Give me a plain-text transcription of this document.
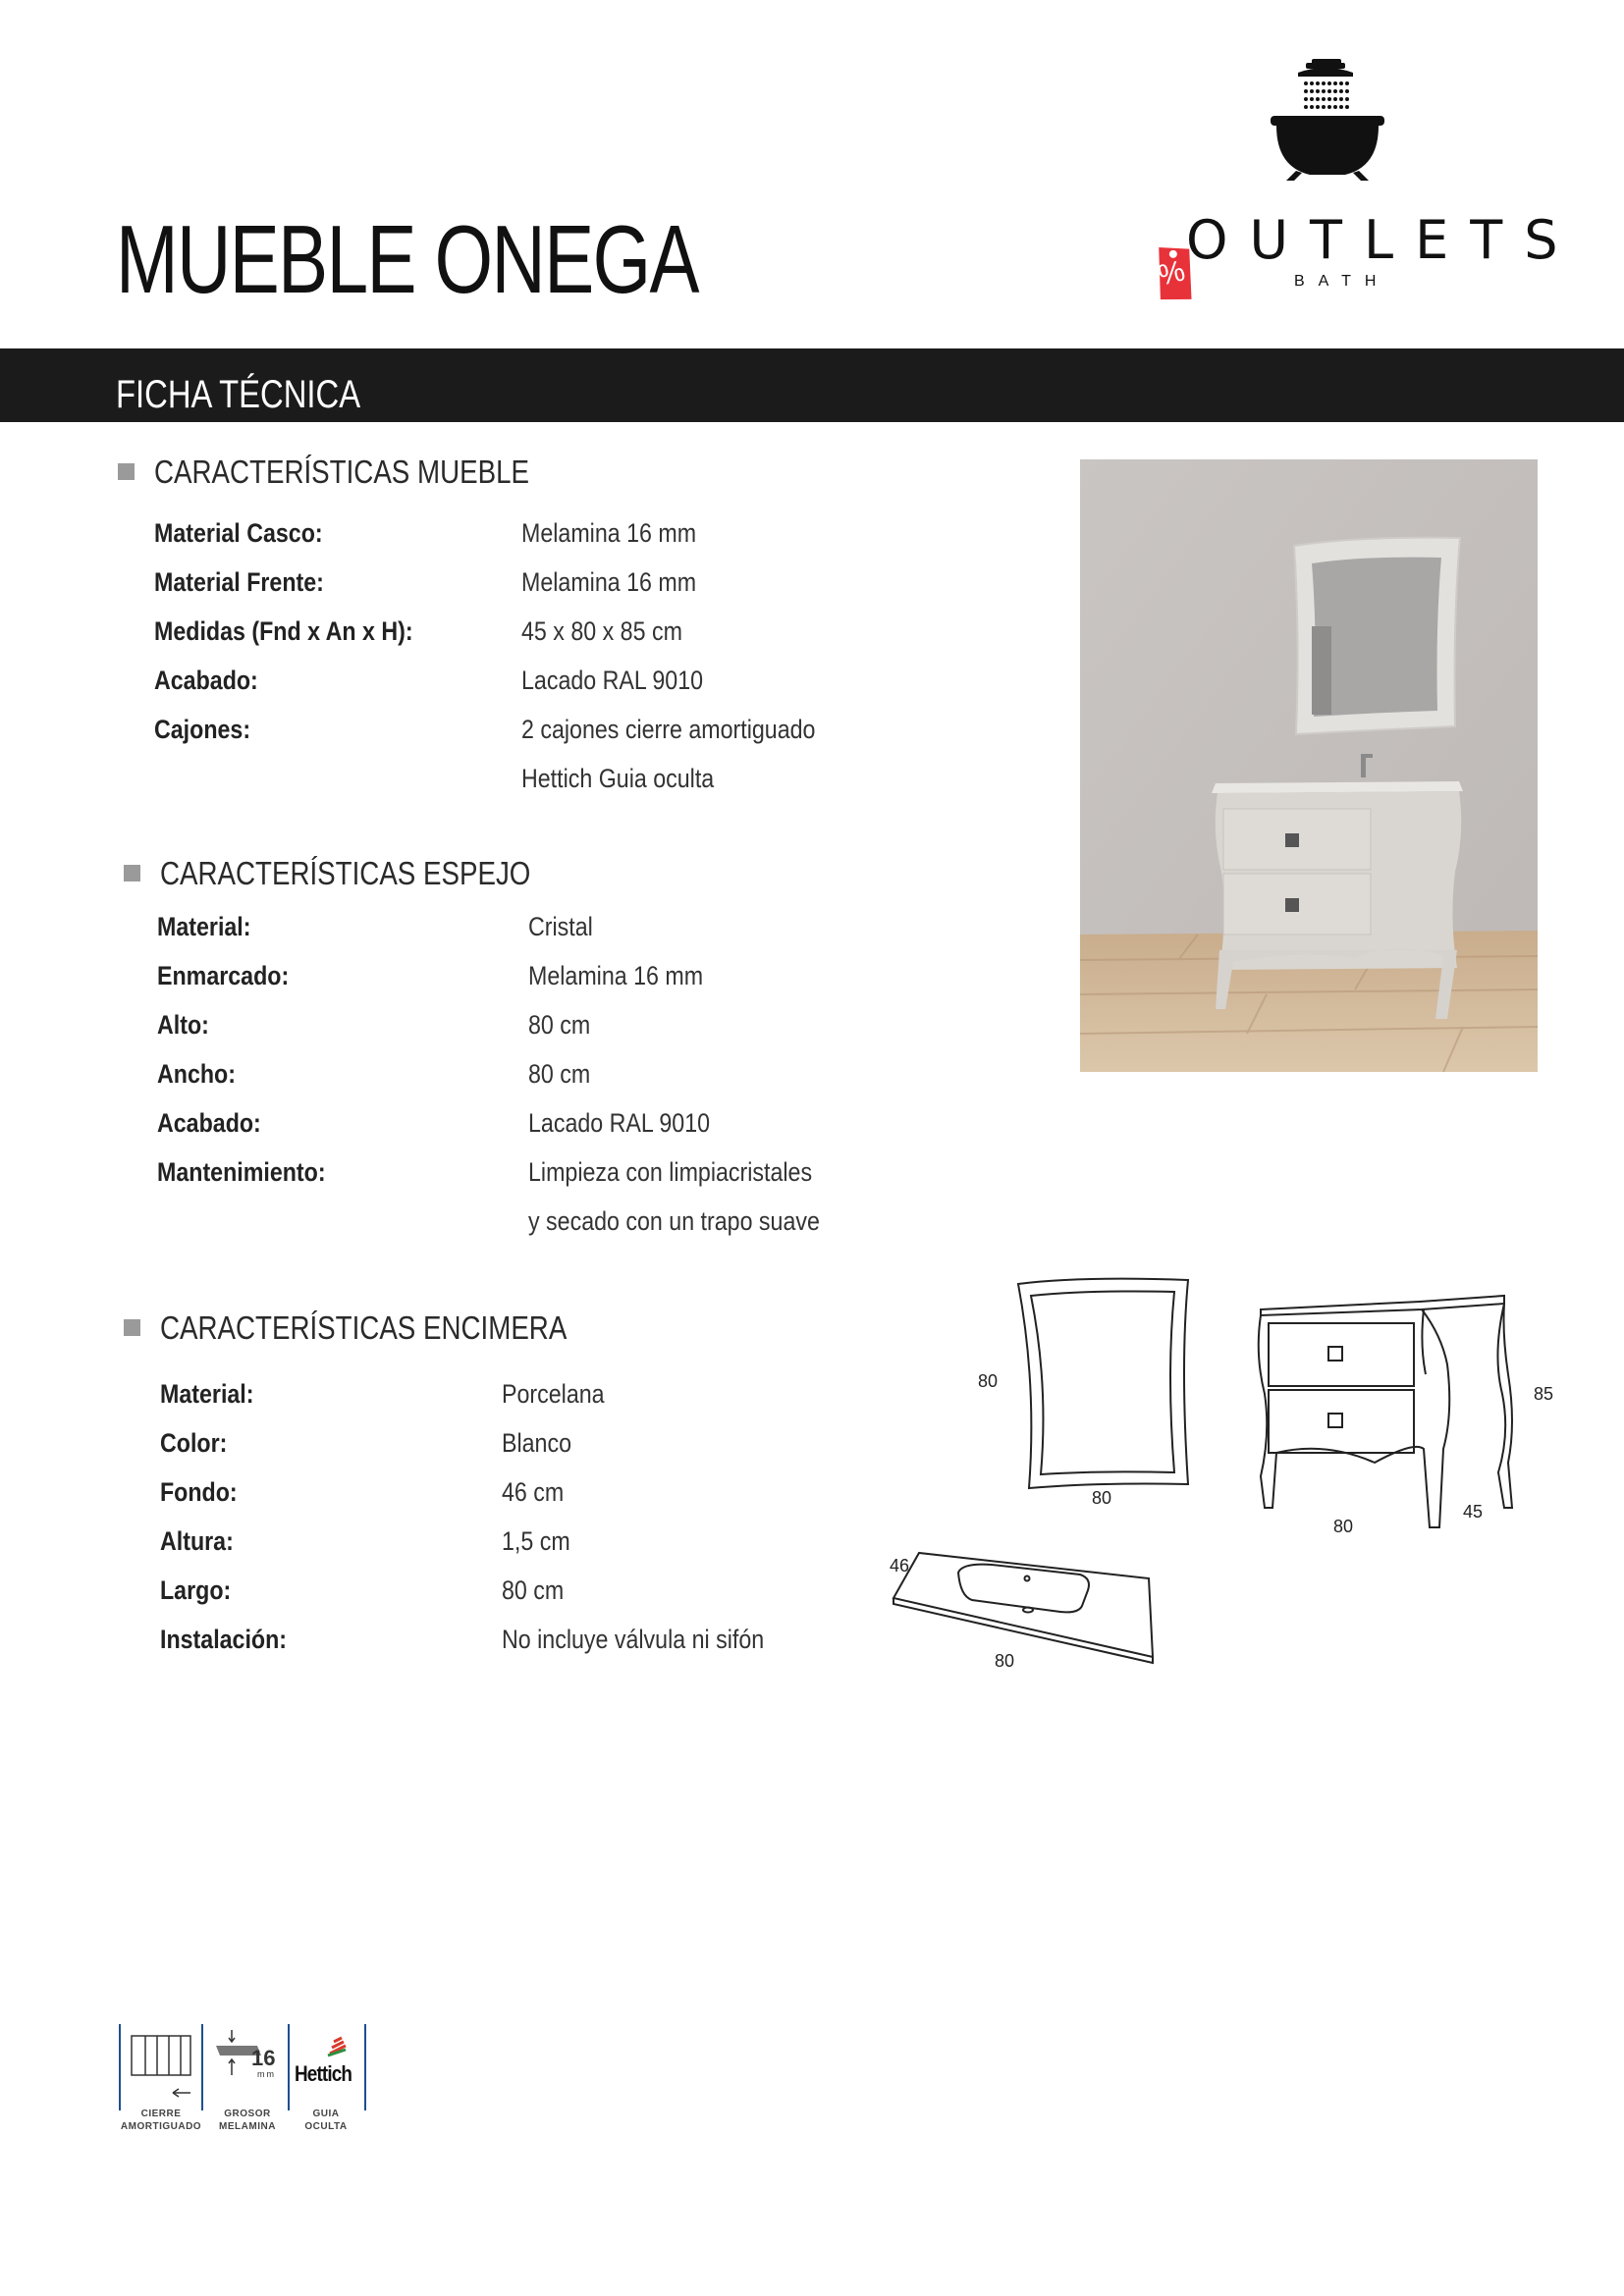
MUEBLE ONEGA	%
OUTLETS
BATH
FICHA TÉCNICA
CARACTERÍSTICAS MUEBLE
Material Casco:	Melamina 16 mm
Material Frente:	Melamina 16 mm
Medidas (Fnd x An x H):	45 x 80 x 85 cm
Acabado:	Lacado RAL 9010
Cajones:	2 cajones cierre amortiguado
Hettich Guia oculta
CARACTERÍSTICAS ESPEJO
Material:	Cristal
Enmarcado:	Melamina 16 mm
Alto:	80 cm
Ancho:	80 cm
Acabado:	Lacado RAL 9010
Mantenimiento:	Limpieza con limpiacristales
y secado con un trapo suave
CARACTERÍSTICAS ENCIMERA
Material:	Porcelana
Color:	Blanco
Fondo:	46 cm
Altura:	1,5 cm
Largo:	80 cm
Instalación:	No incluye válvula ni sifón
80
80
85
80
45
46
80
16
mm Hettich
CIERRE
AMORTIGUADO
GROSOR
MELAMINA
GUIA
OCULTA
